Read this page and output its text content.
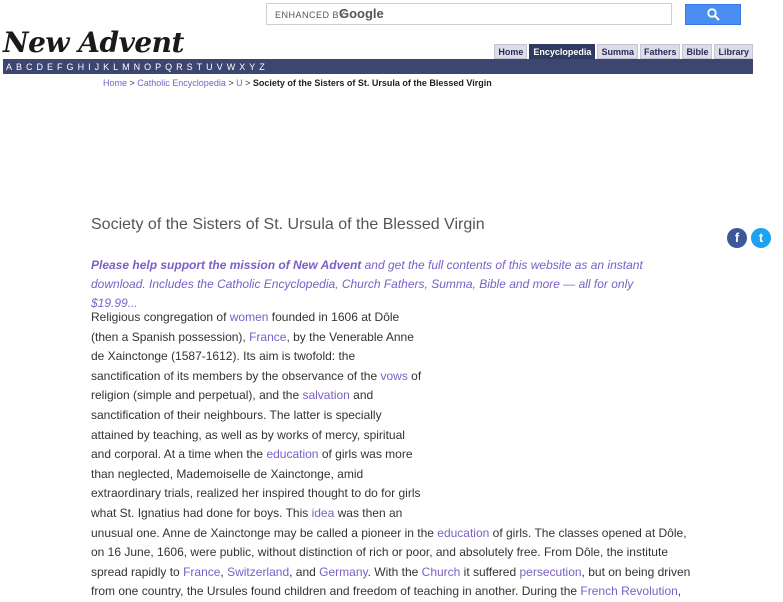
ENHANCED BY
Google
New Advent	Home	Encyclopedia	Summa	Fathers	Bible	Library
A B C D E F G H I J K L M N O P Q R S T U V W X Y Z
Home > Catholic Encyclopedia > U > Society of the Sisters of St. Ursula of the Blessed Virgin
Society of the Sisters of St. Ursula of the Blessed Virgin
f	t
Please help support the mission of New Advent and get the full contents of this website as an instant
download. Includes the Catholic Encyclopedia, Church Fathers, Summa, Bible and more — all for only $19.99...
Religious congregation of women founded in 1606 at Dôle
(then a Spanish possession), France, by the Venerable Anne
de Xainctonge (1587-1612). Its aim is twofold: the
sanctification of its members by the observance of the vows of
religion (simple and perpetual), and the salvation and
sanctification of their neighbours. The latter is specially
attained by teaching, as well as by works of mercy, spiritual
and corporal. At a time when the education of girls was more
than neglected, Mademoiselle de Xainctonge, amid
extraordinary trials, realized her inspired thought to do for girls
what St. Ignatius had done for boys. This idea was then an
unusual one. Anne de Xainctonge may be called a pioneer in the education of girls. The classes opened at Dôle,
on 16 June, 1606, were public, without distinction of rich or poor, and absolutely free. From Dôle, the institute
spread rapidly to France, Switzerland, and Germany. With the Church it suffered persecution, but on being driven
from one country, the Ursules found children and freedom of teaching in another. During the French Revolution,
